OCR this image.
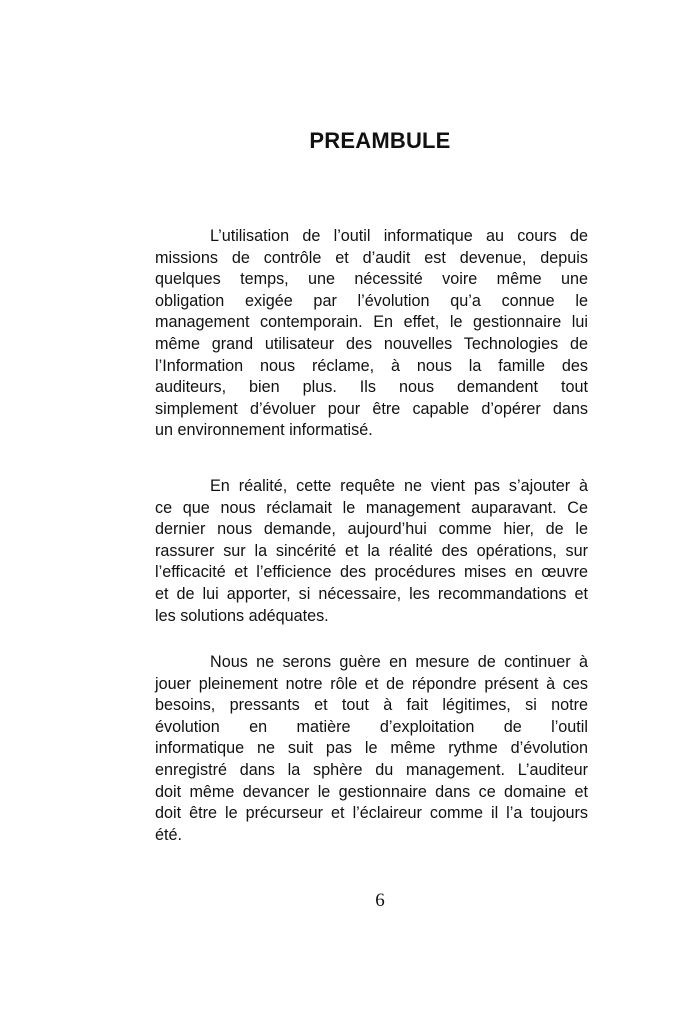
PREAMBULE
L’utilisation de l’outil informatique au cours de
missions de contrôle et d’audit est devenue, depuis
quelques temps, une nécessité voire même une
obligation exigée par l’évolution qu’a connue le
management contemporain. En effet, le gestionnaire lui
même grand utilisateur des nouvelles Technologies de
l’Information nous réclame, à nous la famille des
auditeurs, bien plus. Ils nous demandent tout
simplement d’évoluer pour être capable d’opérer dans
un environnement informatisé.
En réalité, cette requête ne vient pas s’ajouter à
ce que nous réclamait le management auparavant. Ce
dernier nous demande, aujourd’hui comme hier, de le
rassurer sur la sincérité et la réalité des opérations, sur
l’efficacité et l’efficience des procédures mises en œuvre
et de lui apporter, si nécessaire, les recommandations et
les solutions adéquates.
Nous ne serons guère en mesure de continuer à
jouer pleinement notre rôle et de répondre présent à ces
besoins, pressants et tout à fait légitimes, si notre
évolution en matière d’exploitation de l’outil
informatique ne suit pas le même rythme d’évolution
enregistré dans la sphère du management. L’auditeur
doit même devancer le gestionnaire dans ce domaine et
doit être le précurseur et l’éclaireur comme il l’a toujours
été.
6
